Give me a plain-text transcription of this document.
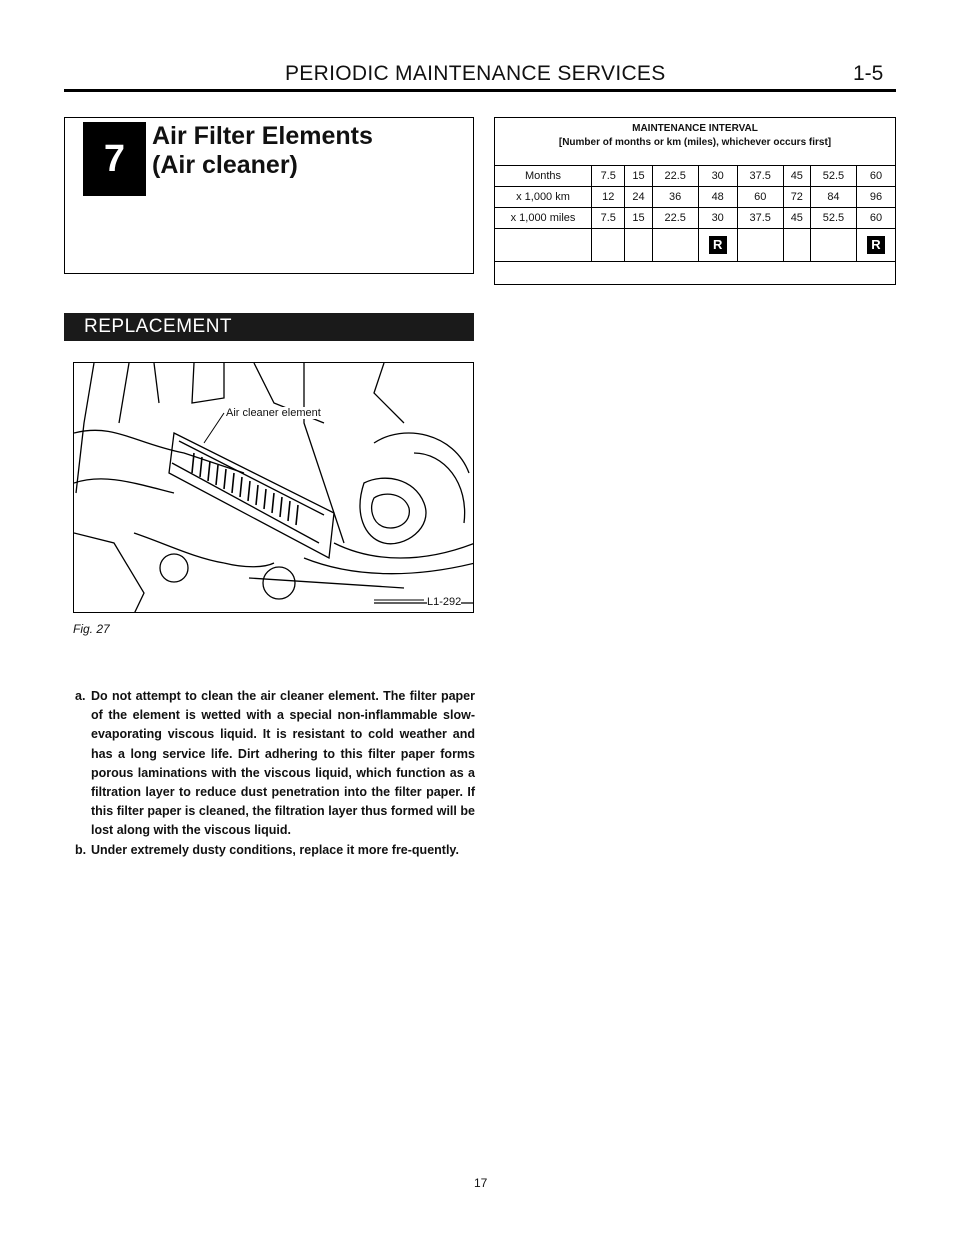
PERIODIC MAINTENANCE SERVICES	1-5
7
Air Filter Elements
(Air cleaner)
MAINTENANCE INTERVAL
[Number of months or km (miles), whichever occurs first]
Months	7.5	15	22.5	30	37.5	45	52.5	60
x 1,000 km	12	24	36	48	60	72	84	96
x 1,000 miles	7.5	15	22.5	30	37.5	45	52.5	60
				R				R
REPLACEMENT
Air cleaner element
L1-292
Fig. 27
a. Do not attempt to clean the air cleaner element. The filter paper of the element is wetted with a special non-inflammable slow-evaporating viscous liquid. It is resistant to cold weather and has a long service life. Dirt adhering to this filter paper forms porous laminations with the viscous liquid, which function as a filtration layer to reduce dust penetration into the filter paper. If this filter paper is cleaned, the filtration layer thus formed will be lost along with the viscous liquid.
b. Under extremely dusty conditions, replace it more fre-quently.
17
